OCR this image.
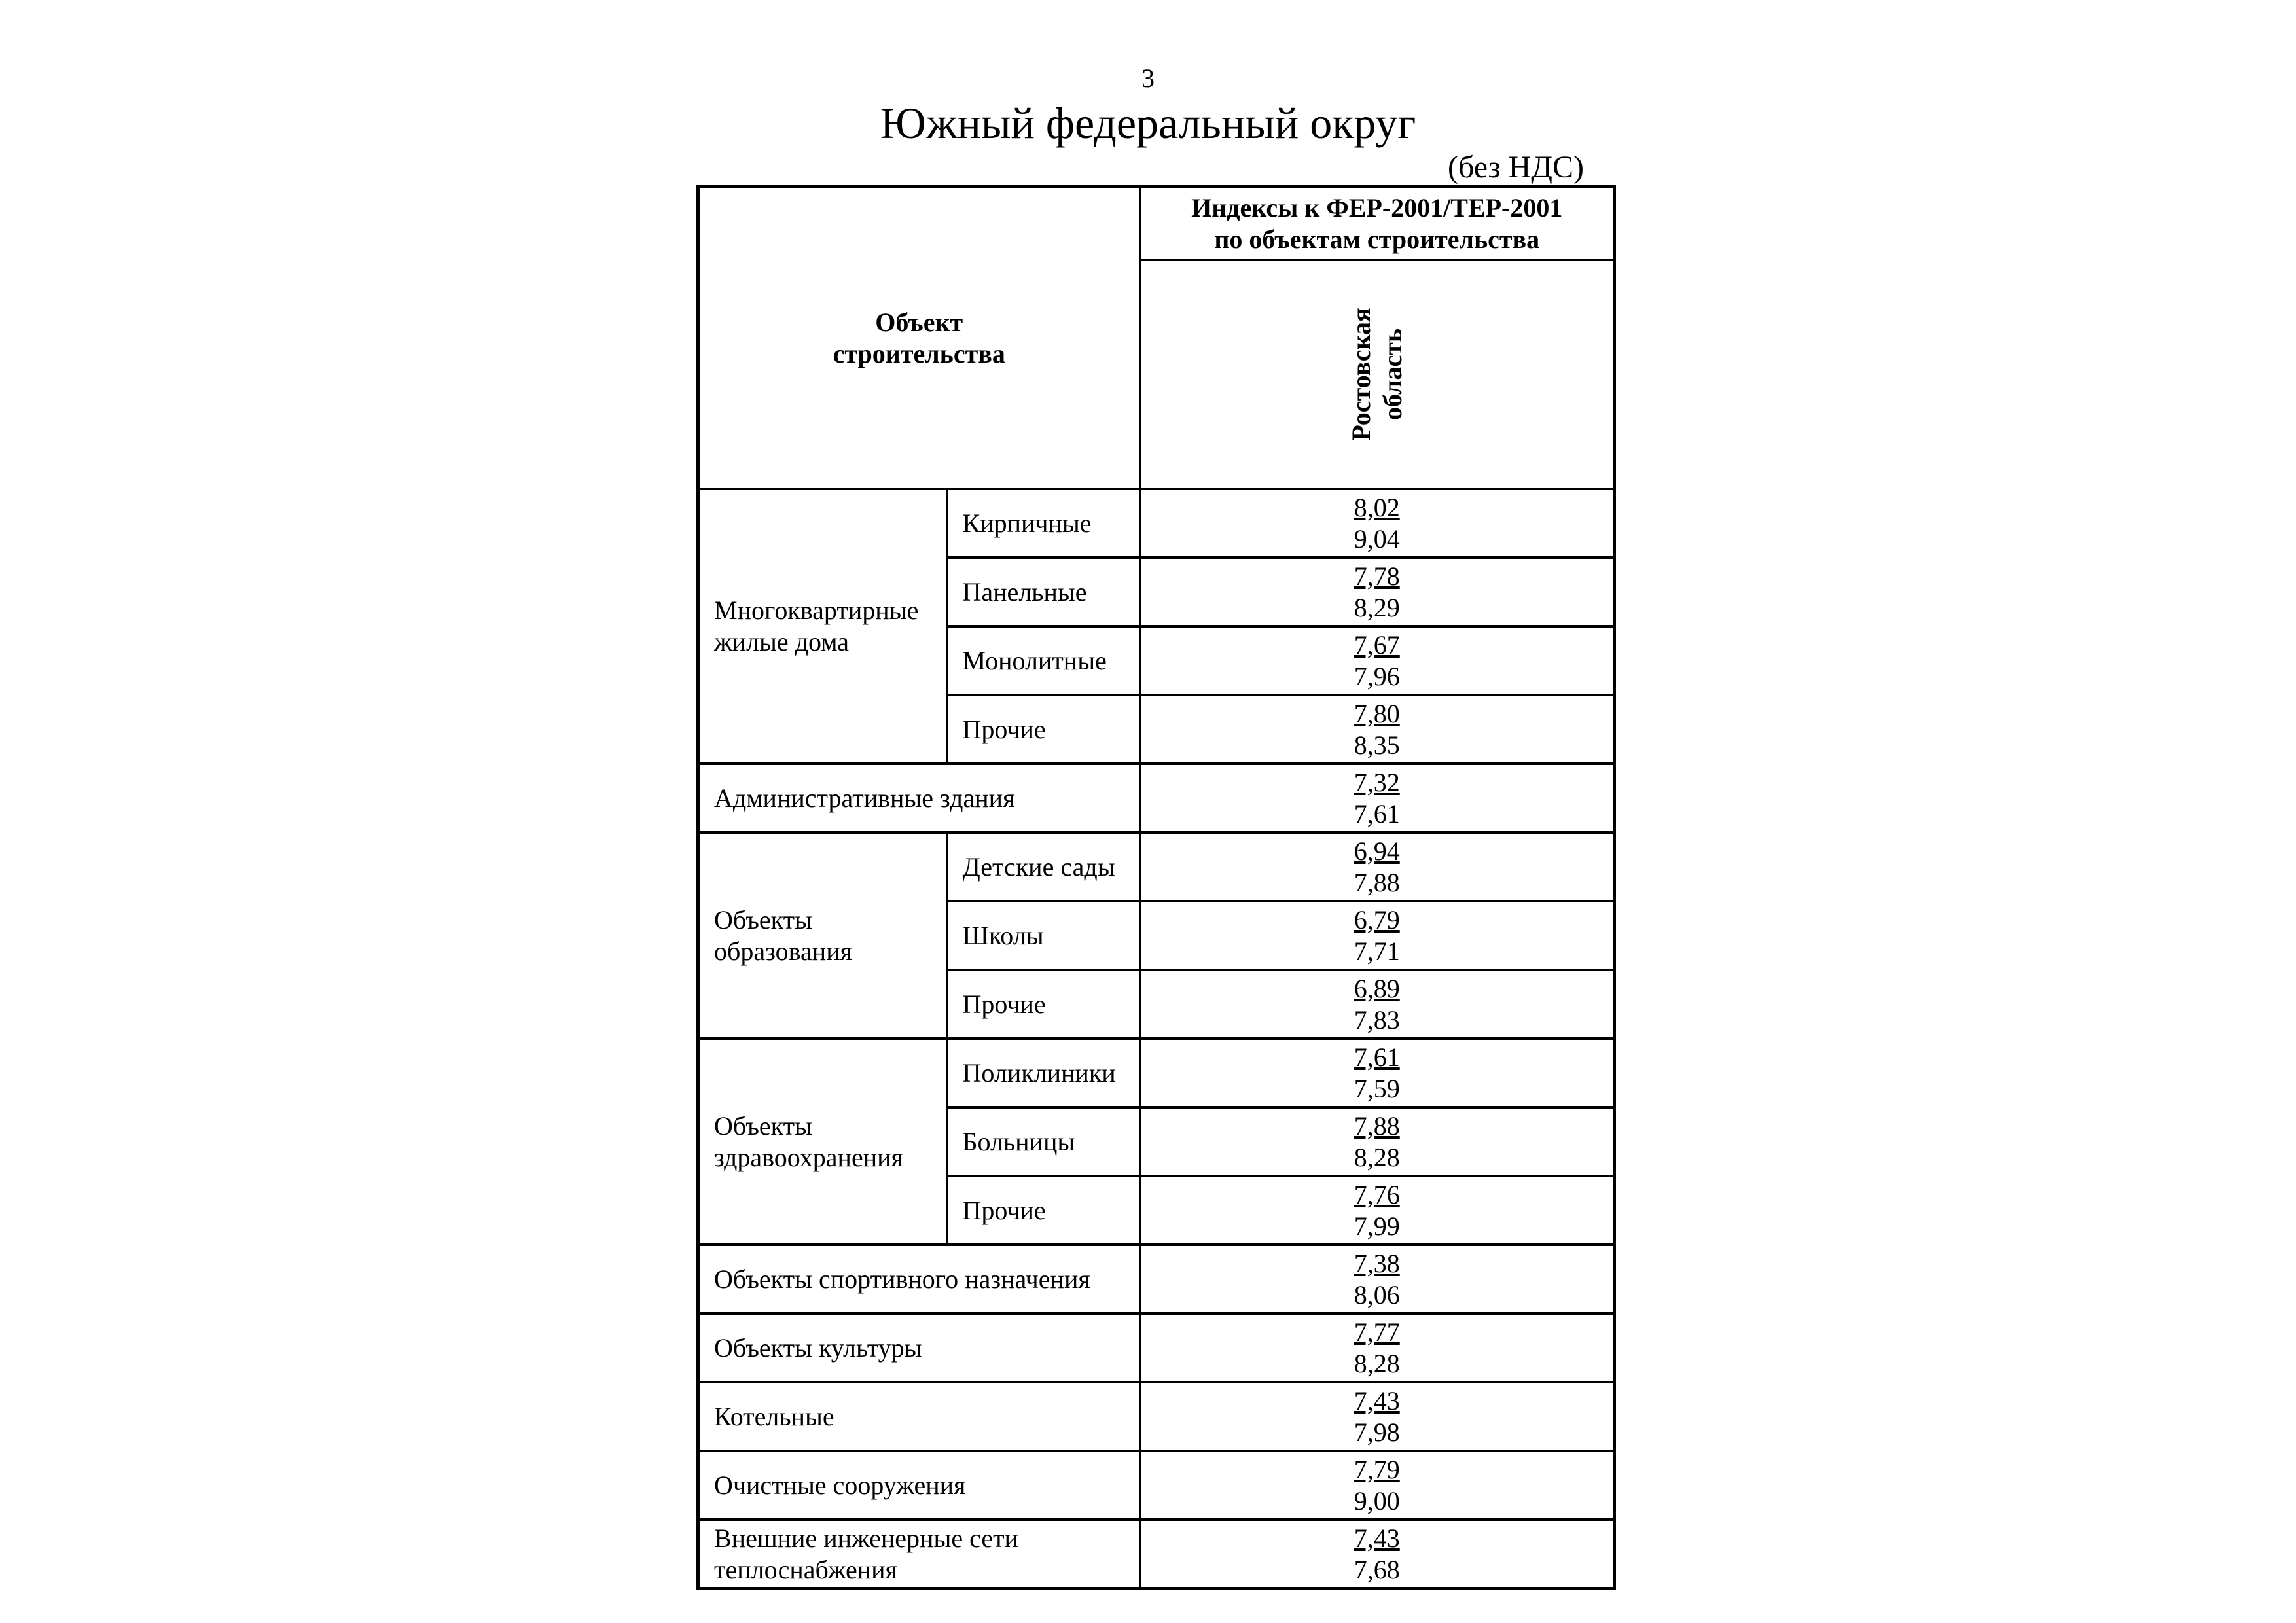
3
Южный федеральный округ
(без НДС)
Объект
строительства		Индексы к ФЕР-2001/ТЕР-2001
по объектам строительства

		Ростовская область

Многоквартирные
жилые дома	Кирпичные	8,02
9,04

	Панельные	7,78
8,29

	Монолитные	7,67
7,96

	Прочие	7,80
8,35

Административные здания		7,32
7,61

Объекты
образования	Детские сады	6,94
7,88

	Школы	6,79
7,71

	Прочие	6,89
7,83

Объекты
здравоохранения	Поликлиники	7,61
7,59

	Больницы	7,88
8,28

	Прочие	7,76
7,99

Объекты спортивного назначения		7,38
8,06

Объекты культуры		7,77
8,28

Котельные		7,43
7,98

Очистные сооружения		7,79
9,00

Внешние инженерные сети
теплоснабжения		7,43
7,68
